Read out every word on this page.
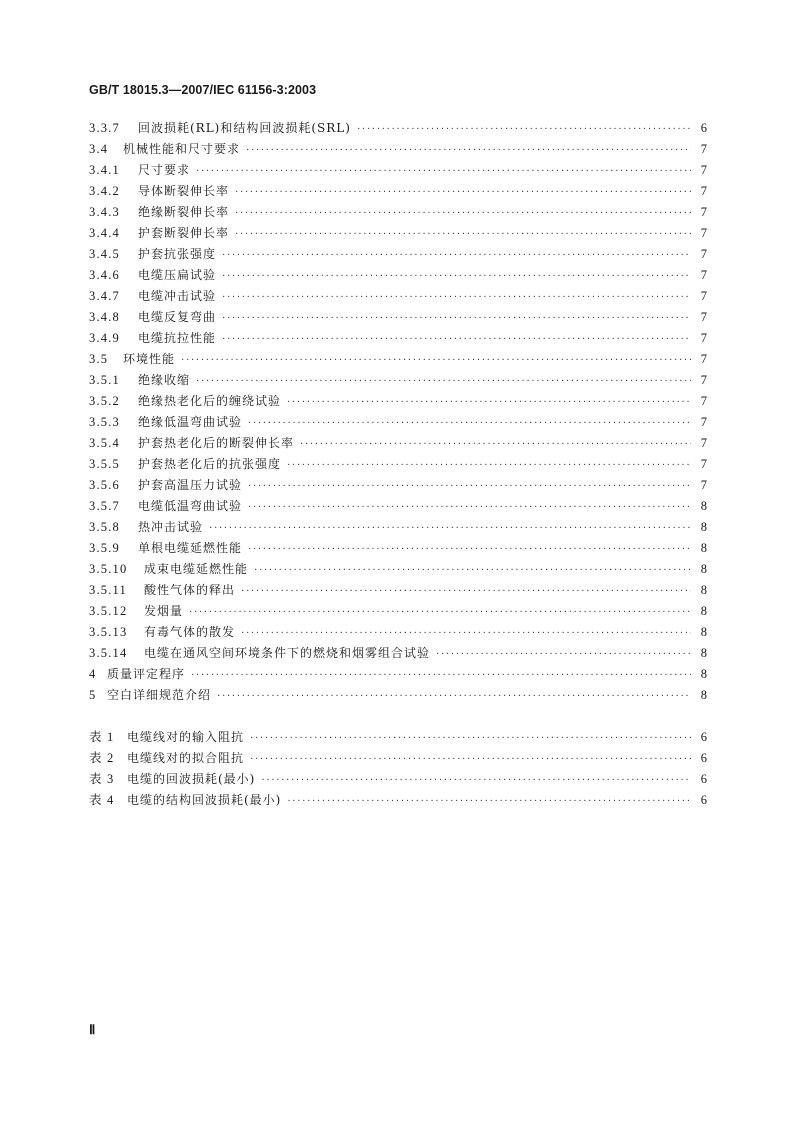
GB/T 18015.3—2007/IEC 61156-3:2003
3.3.7	回波损耗(RL)和结构回波损耗(SRL) ·····	6
3.4	机械性能和尺寸要求 ·····	7
3.4.1	尺寸要求 ·····	7
3.4.2	导体断裂伸长率 ·····	7
3.4.3	绝缘断裂伸长率 ·····	7
3.4.4	护套断裂伸长率 ·····	7
3.4.5	护套抗张强度 ·····	7
3.4.6	电缆压扁试验 ·····	7
3.4.7	电缆冲击试验 ·····	7
3.4.8	电缆反复弯曲 ·····	7
3.4.9	电缆抗拉性能 ·····	7
3.5	环境性能 ·····	7
3.5.1	绝缘收缩 ·····	7
3.5.2	绝缘热老化后的缠绕试验 ·····	7
3.5.3	绝缘低温弯曲试验 ·····	7
3.5.4	护套热老化后的断裂伸长率 ·····	7
3.5.5	护套热老化后的抗张强度 ·····	7
3.5.6	护套高温压力试验 ·····	7
3.5.7	电缆低温弯曲试验 ·····	8
3.5.8	热冲击试验 ·····	8
3.5.9	单根电缆延燃性能 ·····	8
3.5.10	成束电缆延燃性能 ·····	8
3.5.11	酸性气体的释出 ·····	8
3.5.12	发烟量 ·····	8
3.5.13	有毒气体的散发 ·····	8
3.5.14	电缆在通风空间环境条件下的燃烧和烟雾组合试验 ·····	8
4 质量评定程序 ·····	8
5 空白详细规范介绍 ·····	8
表 1	电缆线对的输入阻抗 ·····	6
表 2	电缆线对的拟合阻抗 ·····	6
表 3	电缆的回波损耗(最小) ·····	6
表 4	电缆的结构回波损耗(最小) ·····	6
Ⅱ
